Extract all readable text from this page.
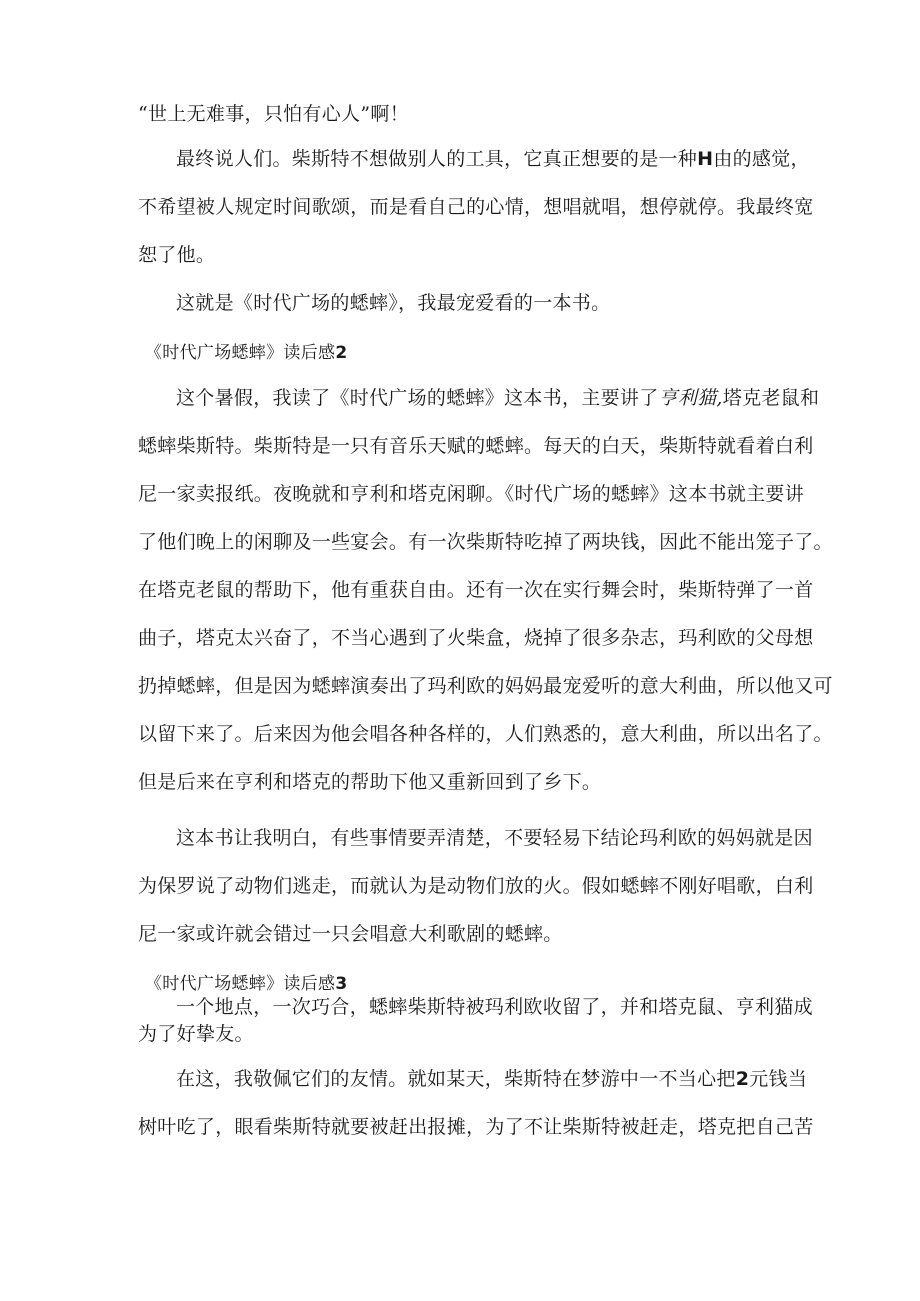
“世上无难事，只怕有心人”啊！
最终说人们。柴斯特不想做别人的工具，它真正想要的是一种H由的感觉，
不希望被人规定时间歌颂，而是看自己的心情，想唱就唱，想停就停。我最终宽
恕了他。
这就是《时代广场的蟋蟀》，我最宠爱看的一本书。
《时代广场蟋蟀》读后感2
这个暑假，我读了《时代广场的蟋蟀》这本书，主要讲了亨利猫,塔克老鼠和
蟋蟀柴斯特。柴斯特是一只有音乐天赋的蟋蟀。每天的白天，柴斯特就看着白利
尼一家卖报纸。夜晚就和亨利和塔克闲聊。《时代广场的蟋蟀》这本书就主要讲
了他们晚上的闲聊及一些宴会。有一次柴斯特吃掉了两块钱，因此不能出笼子了。
在塔克老鼠的帮助下，他有重获自由。还有一次在实行舞会时，柴斯特弹了一首
曲子，塔克太兴奋了，不当心遇到了火柴盒，烧掉了很多杂志，玛利欧的父母想
扔掉蟋蟀，但是因为蟋蟀演奏出了玛利欧的妈妈最宠爱听的意大利曲，所以他又可
以留下来了。后来因为他会唱各种各样的，人们熟悉的，意大利曲，所以出名了。
但是后来在亨利和塔克的帮助下他又重新回到了乡下。
这本书让我明白，有些事情要弄清楚，不要轻易下结论玛利欧的妈妈就是因
为保罗说了动物们逃走，而就认为是动物们放的火。假如蟋蟀不刚好唱歌，白利
尼一家或许就会错过一只会唱意大利歌剧的蟋蟀。
《时代广场蟋蟀》读后感3
一个地点，一次巧合，蟋蟀柴斯特被玛利欧收留了，并和塔克鼠、亨利猫成
为了好挚友。
在这，我敬佩它们的友情。就如某天，柴斯特在梦游中一不当心把2元钱当
树叶吃了，眼看柴斯特就要被赶出报摊，为了不让柴斯特被赶走，塔克把自己苦
